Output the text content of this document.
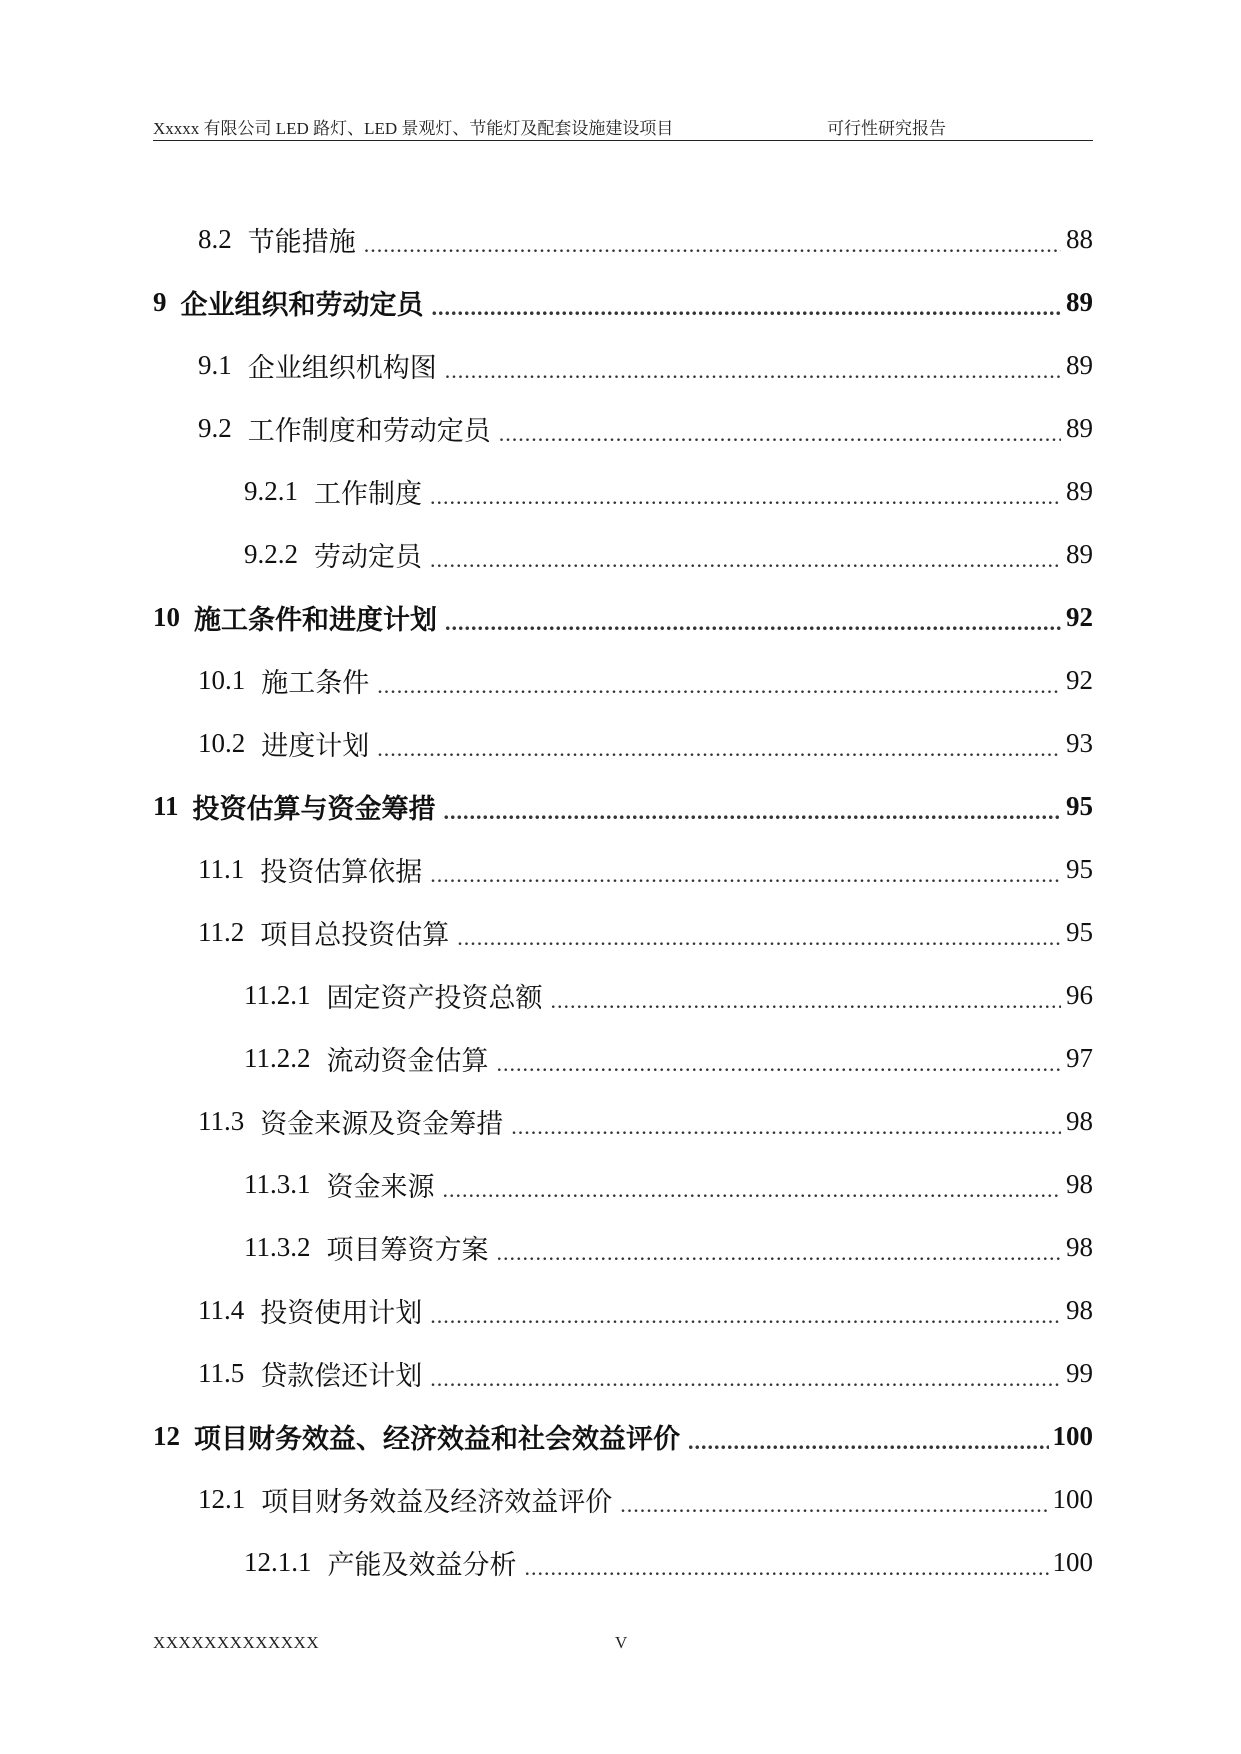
Xxxxx 有限公司 LED 路灯、LED 景观灯、节能灯及配套设施建设项目	可行性研究报告
8.2 节能措施 .....	88
9 企业组织和劳动定员 .....	89
9.1 企业组织机构图 .....	89
9.2 工作制度和劳动定员 .....	89
9.2.1 工作制度 .....	89
9.2.2 劳动定员 .....	89
10 施工条件和进度计划 .....	92
10.1 施工条件 .....	92
10.2 进度计划 .....	93
11 投资估算与资金筹措 .....	95
11.1 投资估算依据 .....	95
11.2 项目总投资估算 .....	95
11.2.1 固定资产投资总额 .....	96
11.2.2 流动资金估算 .....	97
11.3 资金来源及资金筹措 .....	98
11.3.1 资金来源 .....	98
11.3.2 项目筹资方案 .....	98
11.4 投资使用计划 .....	98
11.5 贷款偿还计划 .....	99
12 项目财务效益、经济效益和社会效益评价 .....	100
12.1 项目财务效益及经济效益评价 .....	100
12.1.1 产能及效益分析 .....	100
XXXXXXXXXXXXX	V
